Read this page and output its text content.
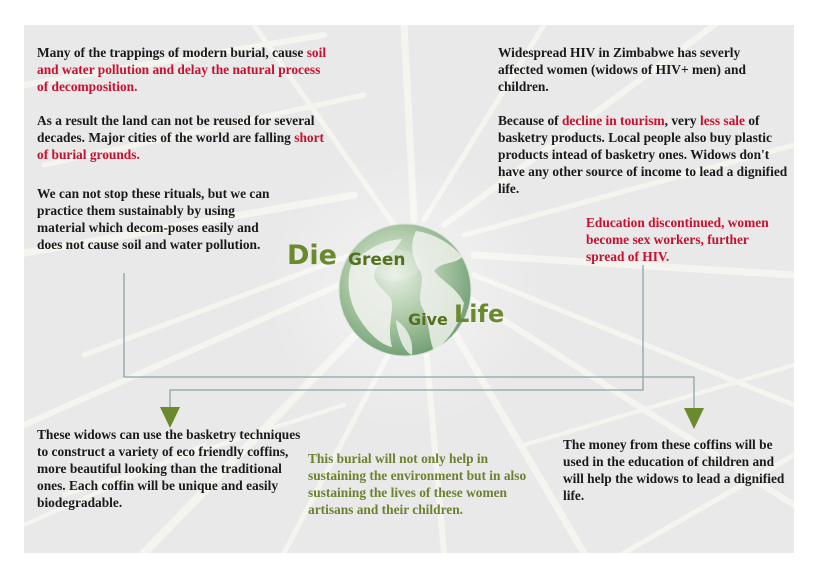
Many of the trappings of modern burial, cause soil and water pollution and delay the natural process of decomposition.

As a result the land can not be reused for several decades. Major cities of the world are falling short of burial grounds.

We can not stop these rituals, but we can practice them sustainably by using material which decom-poses easily and does not cause soil and water pollution.

Widespread HIV in Zimbabwe has severly affected women (widows of HIV+ men) and children.

Because of decline in tourism, very less sale of basketry products. Local people also buy plastic products intead of basketry ones. Widows don't have any other source of income to lead a dignified life.

Education discontinued, women become sex workers, further spread of HIV.
Die Green
Give Life
These widows can use the basketry techniques to construct a variety of eco friendly coffins, more beautiful looking than the traditional ones. Each coffin will be unique and easily biodegradable.
This burial will not only help in sustaining the environment but in also sustaining the lives of these women artisans and their children.
The money from these coffins will be used in the education of children and will help the widows to lead a dignified life.
